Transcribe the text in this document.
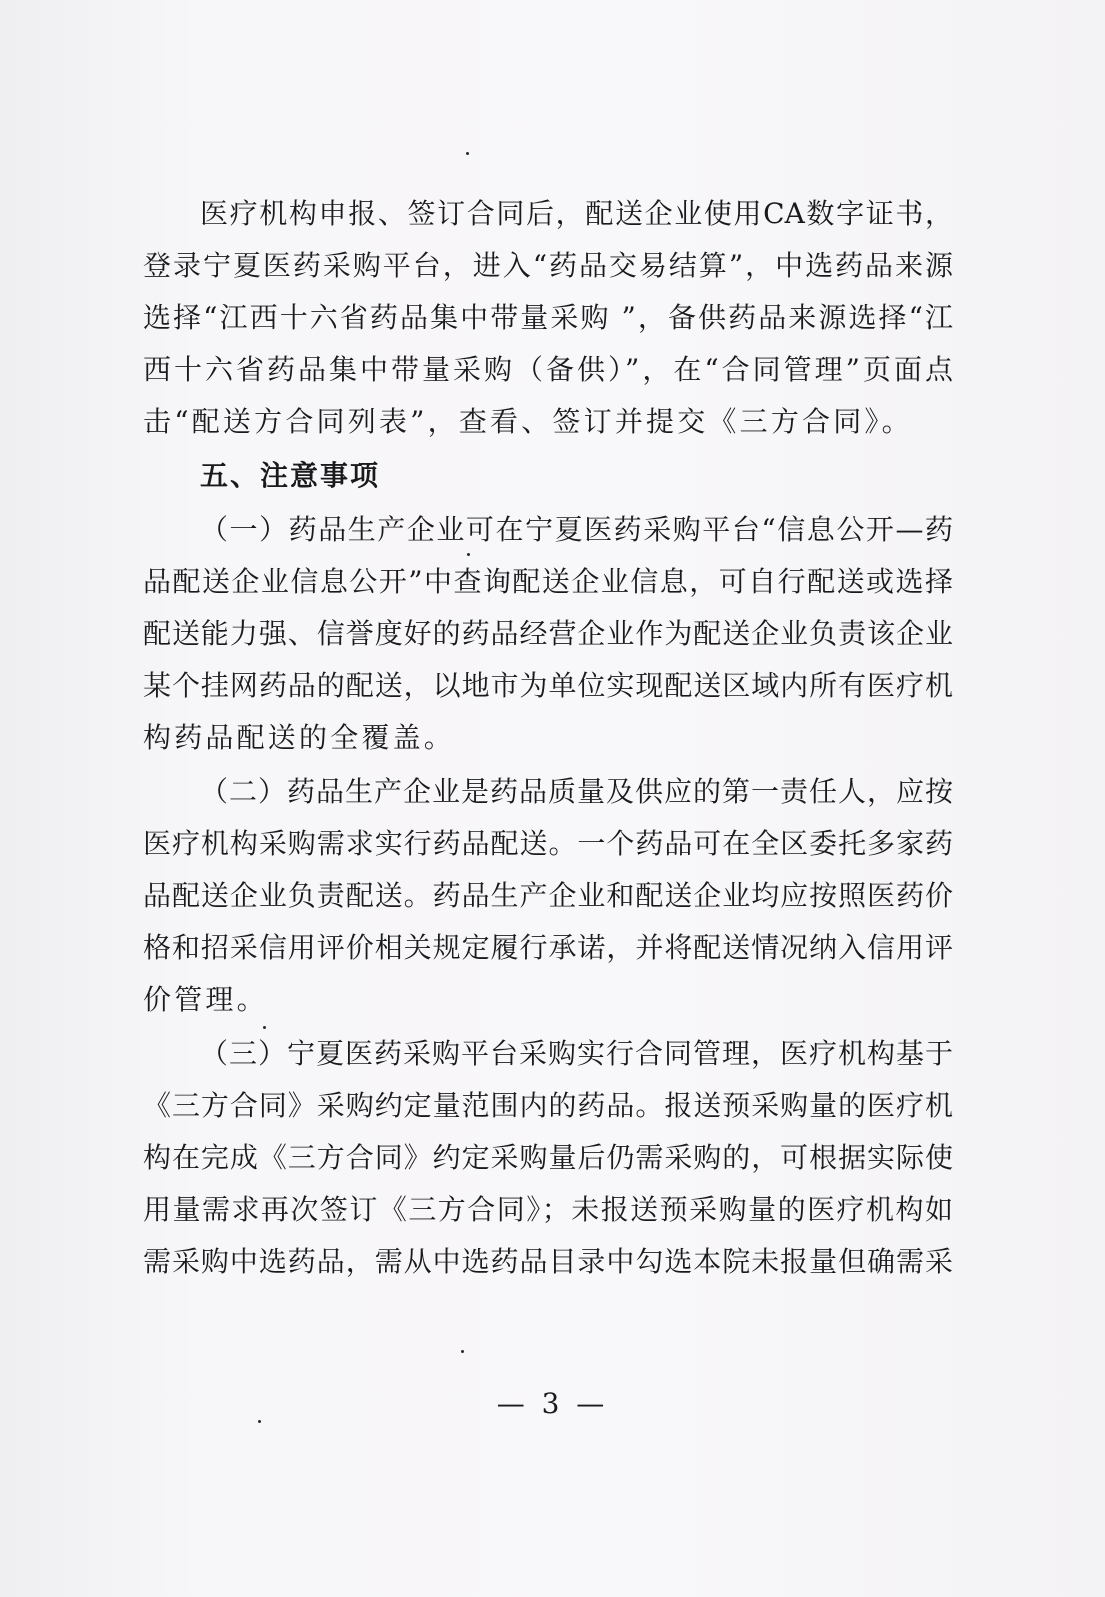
医疗机构申报、签订合同后，配送企业使用CA数字证书，
登录宁夏医药采购平台，进入“药品交易结算”，中选药品来源
选择“江西十六省药品集中带量采购 ”，备供药品来源选择“江
西十六省药品集中带量采购（备供）”，在“合同管理”页面点
击“配送方合同列表”，查看、签订并提交《三方合同》。
五、注意事项
（一）药品生产企业可在宁夏医药采购平台“信息公开—药
品配送企业信息公开”中查询配送企业信息，可自行配送或选择
配送能力强、信誉度好的药品经营企业作为配送企业负责该企业
某个挂网药品的配送，以地市为单位实现配送区域内所有医疗机
构药品配送的全覆盖。
（二）药品生产企业是药品质量及供应的第一责任人，应按
医疗机构采购需求实行药品配送。一个药品可在全区委托多家药
品配送企业负责配送。药品生产企业和配送企业均应按照医药价
格和招采信用评价相关规定履行承诺，并将配送情况纳入信用评
价管理。
（三）宁夏医药采购平台采购实行合同管理，医疗机构基于
《三方合同》采购约定量范围内的药品。报送预采购量的医疗机
构在完成《三方合同》约定采购量后仍需采购的，可根据实际使
用量需求再次签订《三方合同》；未报送预采购量的医疗机构如
需采购中选药品，需从中选药品目录中勾选本院未报量但确需采
— 3 —
